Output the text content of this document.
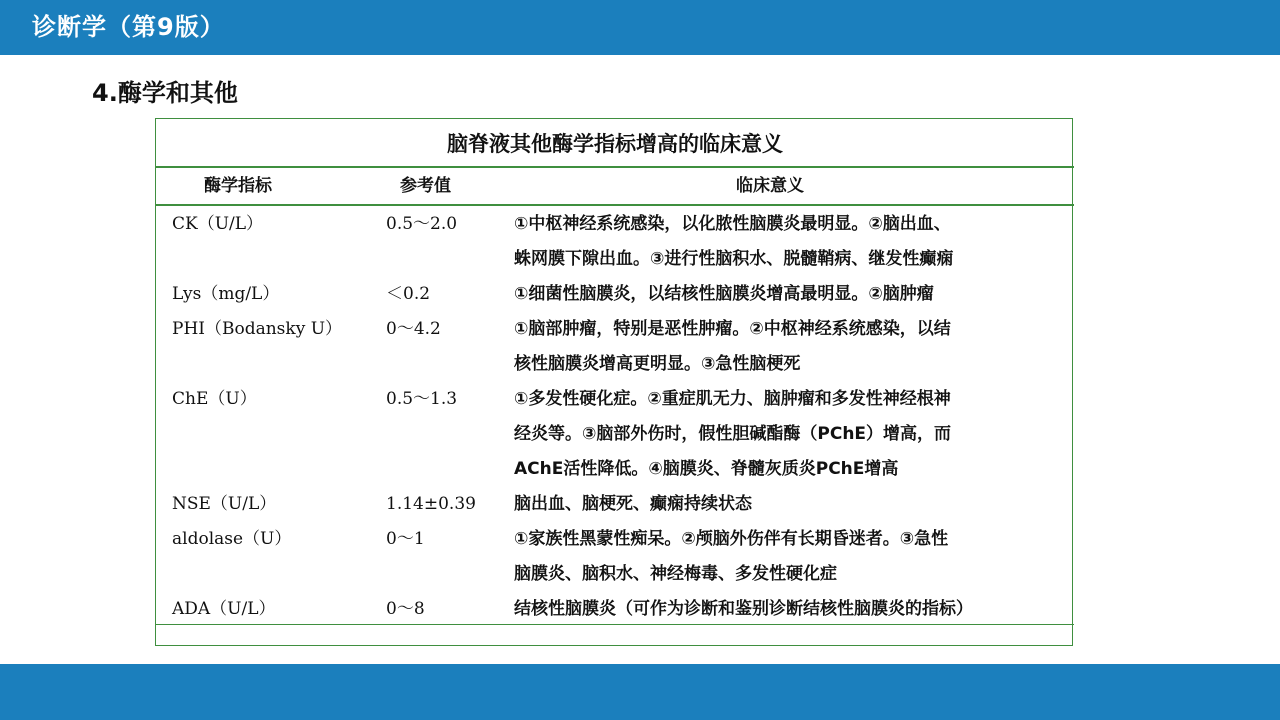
诊断学（第9版）
4.酶学和其他
脑脊液其他酶学指标增高的临床意义
酶学指标	参考值	临床意义
CK（U/L）	0.5～2.0	①中枢神经系统感染，以化脓性脑膜炎最明显。②脑出血、
蛛网膜下隙出血。③进行性脑积水、脱髓鞘病、继发性癫痫
Lys（mg/L）	＜0.2	①细菌性脑膜炎，以结核性脑膜炎增高最明显。②脑肿瘤
PHI（Bodansky U）	0～4.2	①脑部肿瘤，特别是恶性肿瘤。②中枢神经系统感染，以结
核性脑膜炎增高更明显。③急性脑梗死
ChE（U）	0.5～1.3	①多发性硬化症。②重症肌无力、脑肿瘤和多发性神经根神
经炎等。③脑部外伤时，假性胆碱酯酶（PChE）增高，而
AChE活性降低。④脑膜炎、脊髓灰质炎PChE增高
NSE（U/L）	1.14±0.39 脑出血、脑梗死、癫痫持续状态
aldolase（U）	0～1	①家族性黑蒙性痴呆。②颅脑外伤伴有长期昏迷者。③急性
脑膜炎、脑积水、神经梅毒、多发性硬化症
ADA（U/L）	0～8	结核性脑膜炎（可作为诊断和鉴别诊断结核性脑膜炎的指标）
